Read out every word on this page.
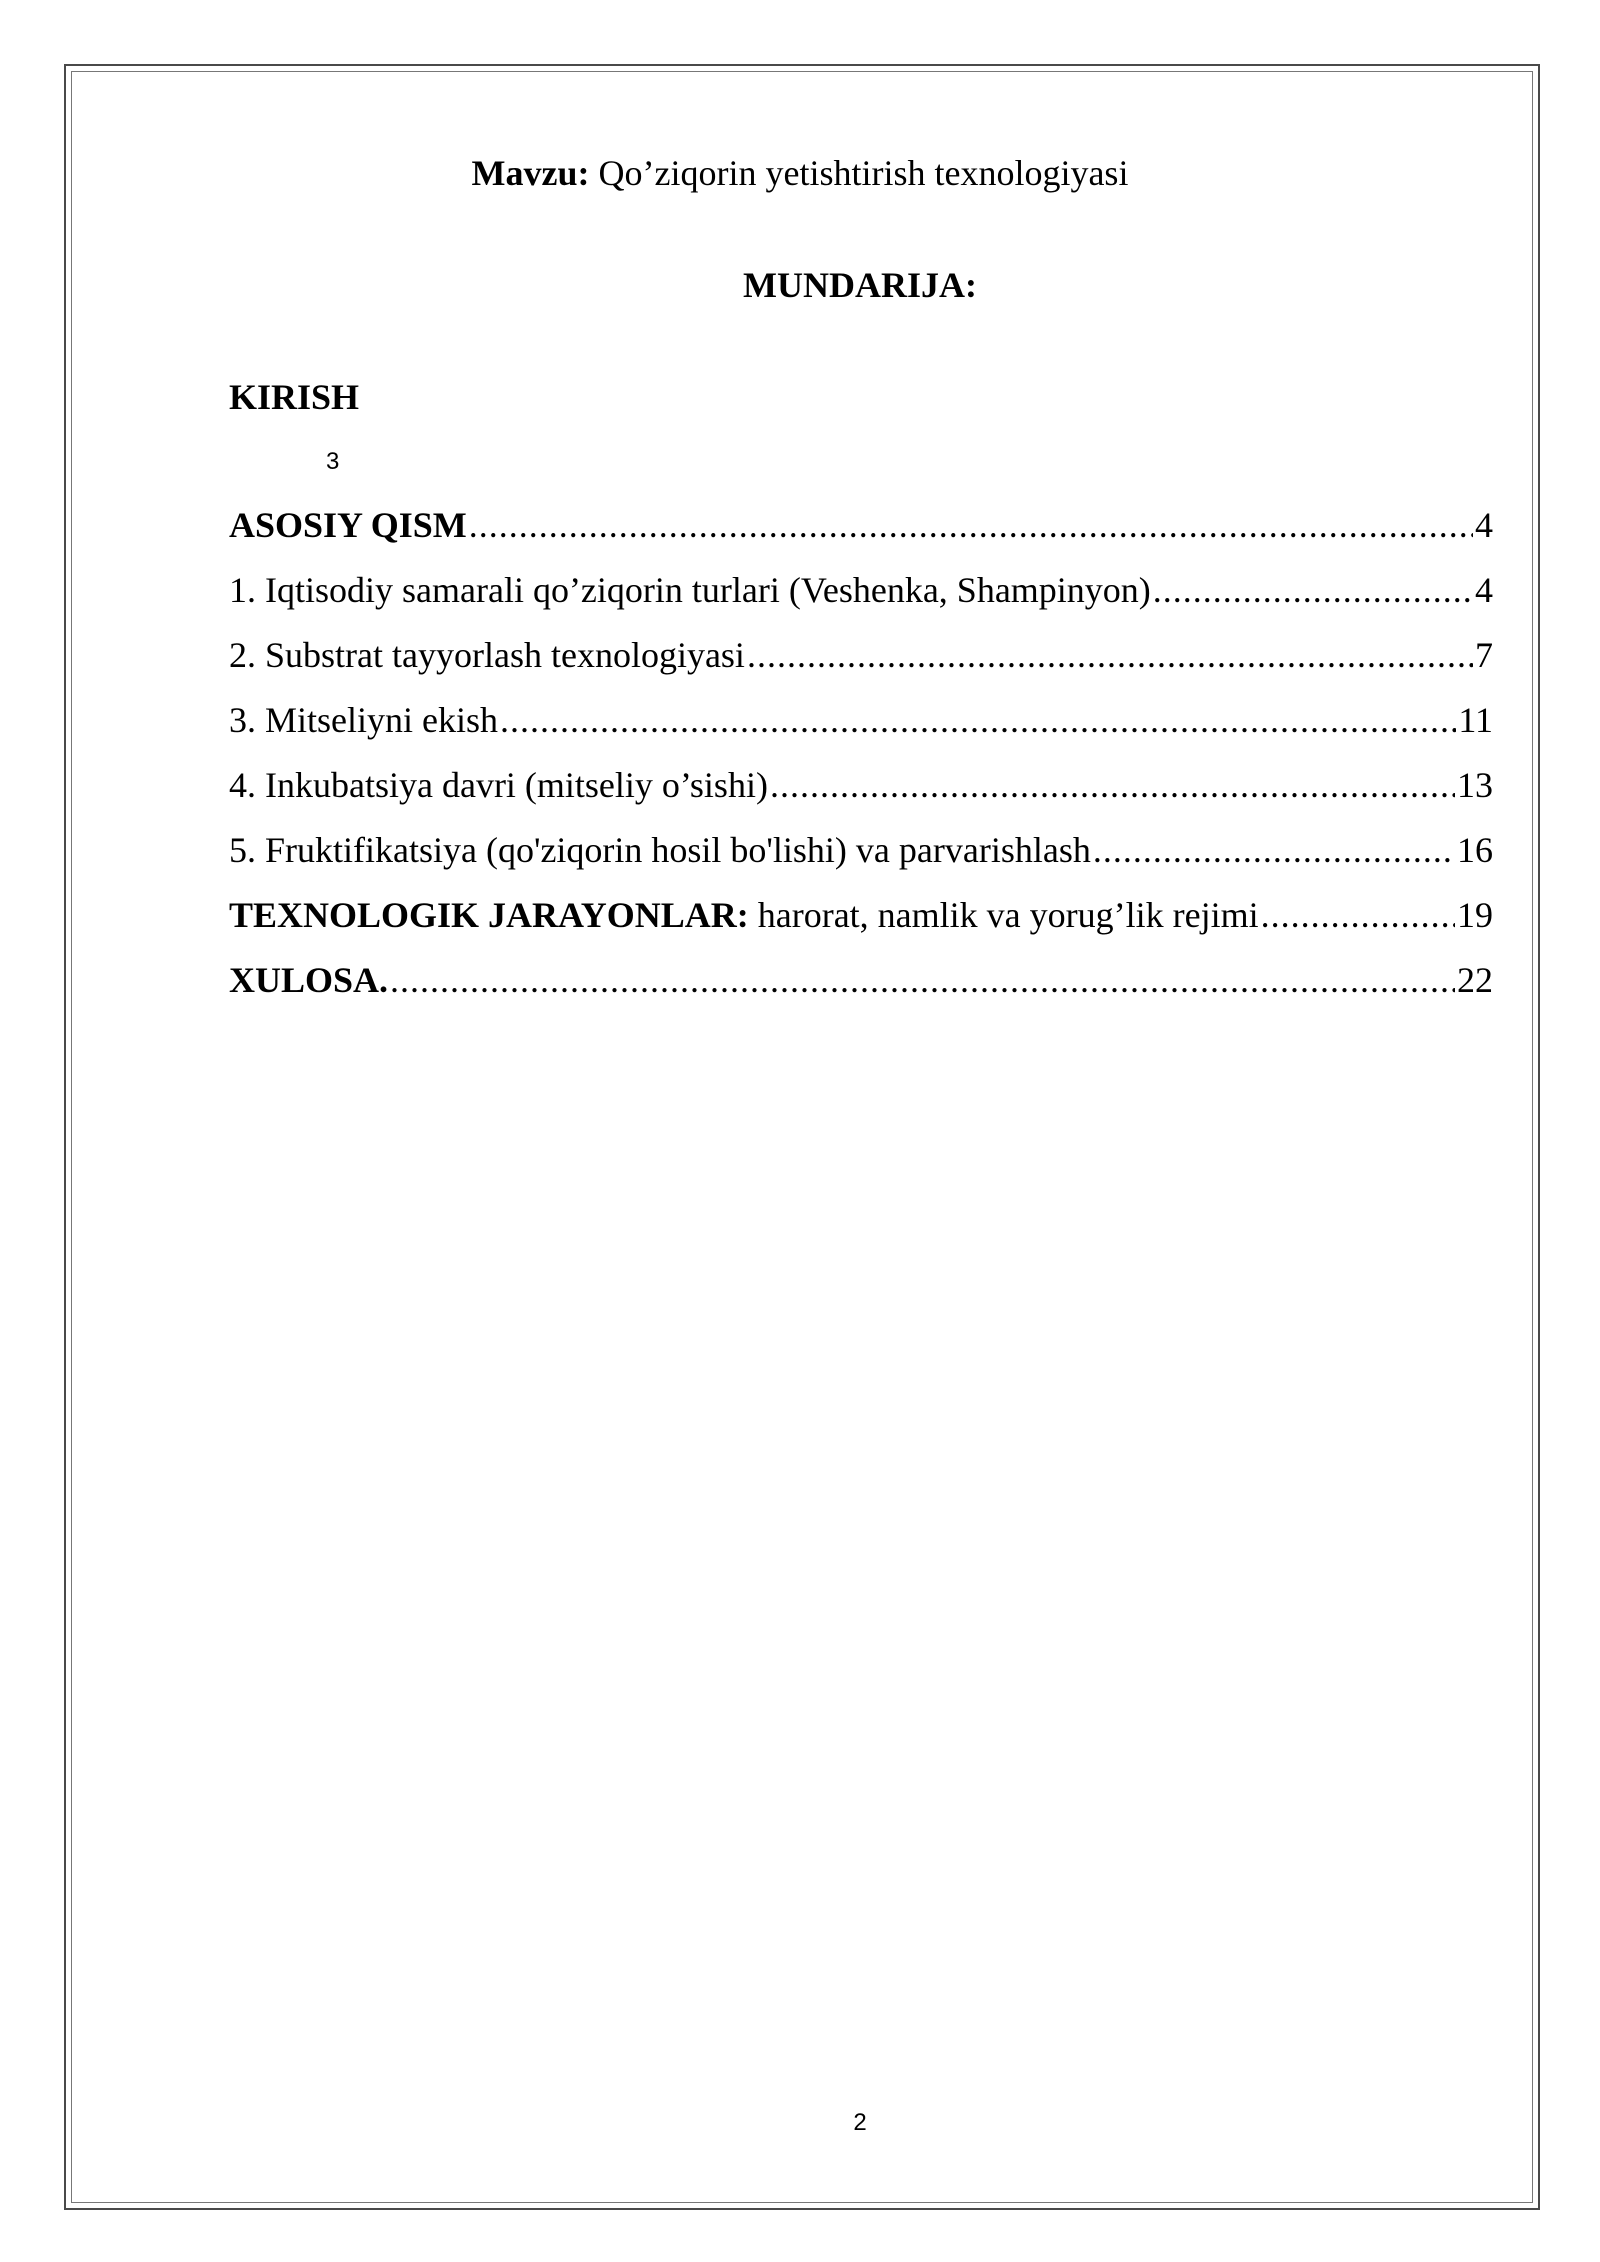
Mavzu: Qo’ziqorin yetishtirish texnologiyasi
MUNDARIJA:
KIRISH
3
ASOSIY QISM .....	4
1. Iqtisodiy samarali qo’ziqorin turlari (Veshenka, Shampinyon) .....	4
2. Substrat tayyorlash texnologiyasi .....	7
3. Mitseliyni ekish .....	11
4. Inkubatsiya davri (mitseliy o’sishi) .....	13
5. Fruktifikatsiya (qo'ziqorin hosil bo'lishi) va parvarishlash .....	16
TEXNOLOGIK JARAYONLAR: harorat, namlik va yorug’lik rejimi .....	19
XULOSA. .....	22
2
